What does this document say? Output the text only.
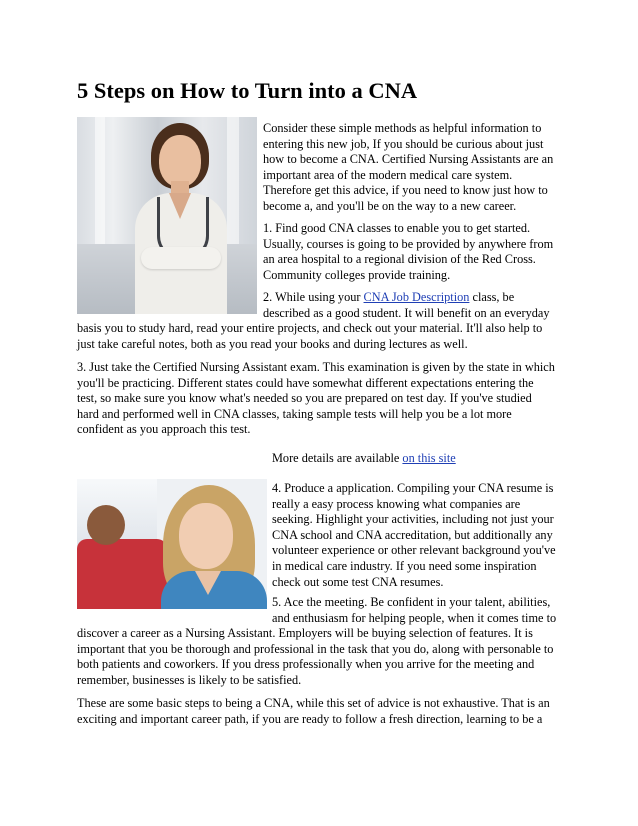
5 Steps on How to Turn into a CNA
Consider these simple methods as helpful information to
entering this new job, If you should be curious about just
how to become a CNA. Certified Nursing Assistants are an
important area of the modern medical care system.
Therefore get this advice, if you need to know just how to
become a, and you'll be on the way to a new career.
1. Find good CNA classes to enable you to get started.
Usually, courses is going to be provided by anywhere from
an area hospital to a regional division of the Red Cross.
Community colleges provide training.
2. While using your CNA Job Description class, be
described as a good student. It will benefit on an everyday
basis you to study hard, read your entire projects, and check out your material. It'll also help to
just take careful notes, both as you read your books and during lectures as well.
3. Just take the Certified Nursing Assistant exam. This examination is given by the state in which
you'll be practicing. Different states could have somewhat different expectations entering the
test, so make sure you know what's needed so you are prepared on test day. If you've studied
hard and performed well in CNA classes, taking sample tests will help you be a lot more
confident as you approach this test.
More details are available on this site
4. Produce a application. Compiling your CNA resume is
really a easy process knowing what companies are
seeking. Highlight your activities, including not just your
CNA school and CNA accreditation, but additionally any
volunteer experience or other relevant background you've
in medical care industry. If you need some inspiration
check out some test CNA resumes.
5. Ace the meeting. Be confident in your talent, abilities,
and enthusiasm for helping people, when it comes time to
discover a career as a Nursing Assistant. Employers will be buying selection of features. It is
important that you be thorough and professional in the task that you do, along with personable to
both patients and coworkers. If you dress professionally when you arrive for the meeting and
remember, businesses is likely to be satisfied.
These are some basic steps to being a CNA, while this set of advice is not exhaustive. That is an
exciting and important career path, if you are ready to follow a fresh direction, learning to be a
